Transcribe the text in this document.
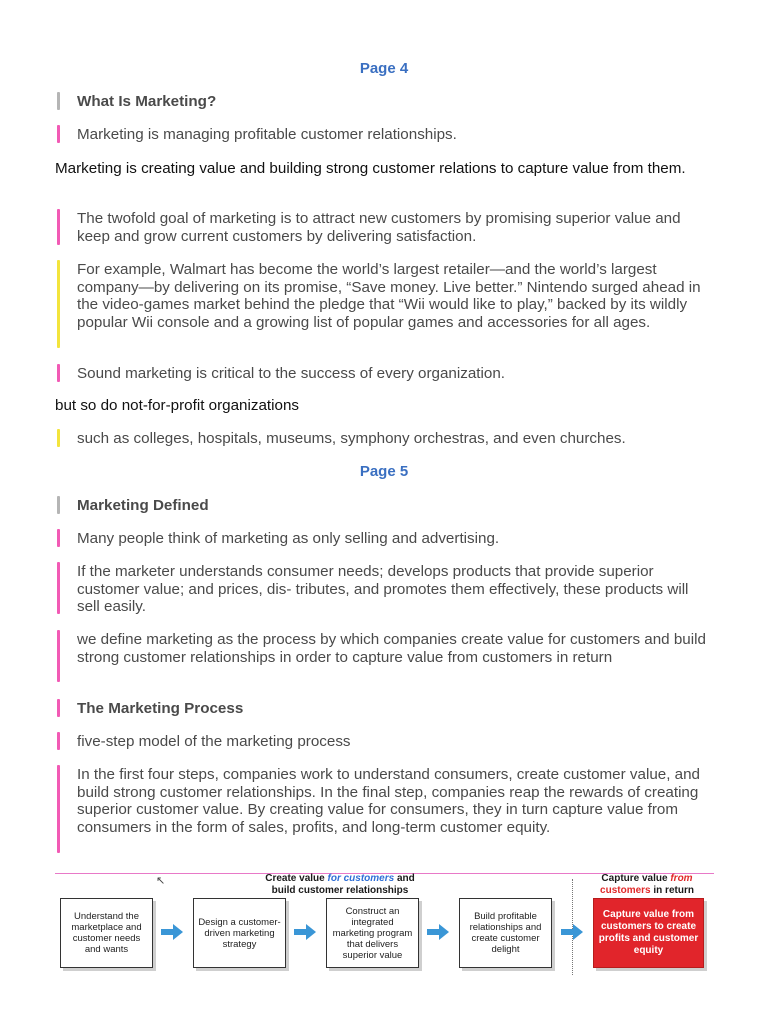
Page 4
What Is Marketing?
Marketing is managing profitable customer relationships.
Marketing is creating value and building strong customer relations to capture value from them.
The twofold goal of marketing is to attract new customers by promising superior value and keep and grow current customers by delivering satisfaction.
For example, Walmart has become the world’s largest retailer—and the world’s largest company—by delivering on its promise, “Save money. Live better.” Nintendo surged ahead in the video-games market behind the pledge that “Wii would like to play,” backed by its wildly popular Wii console and a growing list of popular games and accessories for all ages.
Sound marketing is critical to the success of every organization.
but so do not-for-profit organizations
such as colleges, hospitals, museums, symphony orchestras, and even churches.
Page 5
Marketing Defined
Many people think of marketing as only selling and advertising.
If the marketer understands consumer needs; develops products that provide superior customer value; and prices, dis- tributes, and promotes them effectively, these products will sell easily.
we define marketing as the process by which companies create value for customers and build strong customer relationships in order to capture value from customers in return
The Marketing Process
five-step model of the marketing process
In the first four steps, companies work to understand consumers, create customer value, and build strong customer relationships. In the final step, companies reap the rewards of creating superior customer value. By creating value for consumers, they in turn capture value from consumers in the form of sales, profits, and long-term customer equity.
↖	Create value for customers and
build customer relationships
Capture value from
customers in return
Understand the marketplace and customer needs and wants
Design a customer-driven marketing strategy
Construct an integrated marketing program that delivers superior value
Build profitable relationships and create customer delight
Capture value from customers to create profits and customer equity
